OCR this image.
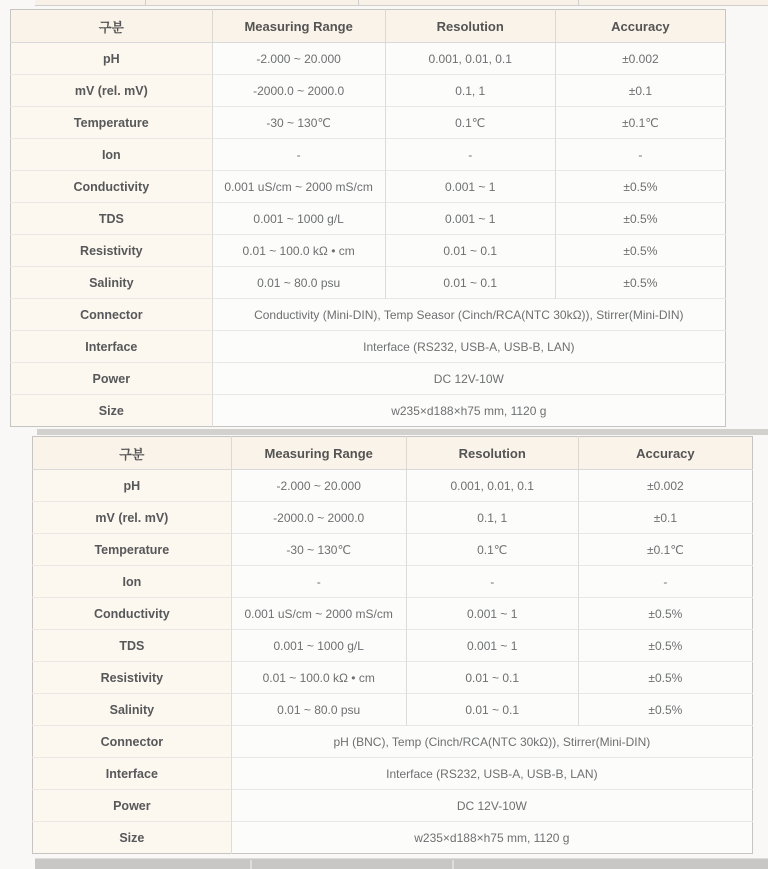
구분	Measuring Range	Resolution	Accuracy
pH	-2.000 ~ 20.000	0.001, 0.01, 0.1	±0.002
mV (rel. mV)	-2000.0 ~ 2000.0	0.1, 1	±0.1
Temperature	-30 ~ 130℃	0.1℃	±0.1℃
Ion	-	-	-
Conductivity	0.001 uS/cm ~ 2000 mS/cm	0.001 ~ 1	±0.5%
TDS	0.001 ~ 1000 g/L	0.001 ~ 1	±0.5%
Resistivity	0.01 ~ 100.0 kΩ • cm	0.01 ~ 0.1	±0.5%
Salinity	0.01 ~ 80.0 psu	0.01 ~ 0.1	±0.5%
Connector	Conductivity (Mini-DIN), Temp Seasor (Cinch/RCA(NTC 30kΩ)), Stirrer(Mini-DIN)		
Interface	Interface (RS232, USB-A, USB-B, LAN)		
Power	DC 12V-10W		
Size	w235×d188×h75 mm, 1120 g		
구분	Measuring Range	Resolution	Accuracy
pH	-2.000 ~ 20.000	0.001, 0.01, 0.1	±0.002
mV (rel. mV)	-2000.0 ~ 2000.0	0.1, 1	±0.1
Temperature	-30 ~ 130℃	0.1℃	±0.1℃
Ion	-	-	-
Conductivity	0.001 uS/cm ~ 2000 mS/cm	0.001 ~ 1	±0.5%
TDS	0.001 ~ 1000 g/L	0.001 ~ 1	±0.5%
Resistivity	0.01 ~ 100.0 kΩ • cm	0.01 ~ 0.1	±0.5%
Salinity	0.01 ~ 80.0 psu	0.01 ~ 0.1	±0.5%
Connector	pH (BNC), Temp (Cinch/RCA(NTC 30kΩ)), Stirrer(Mini-DIN)		
Interface	Interface (RS232, USB-A, USB-B, LAN)		
Power	DC 12V-10W		
Size	w235×d188×h75 mm, 1120 g		
